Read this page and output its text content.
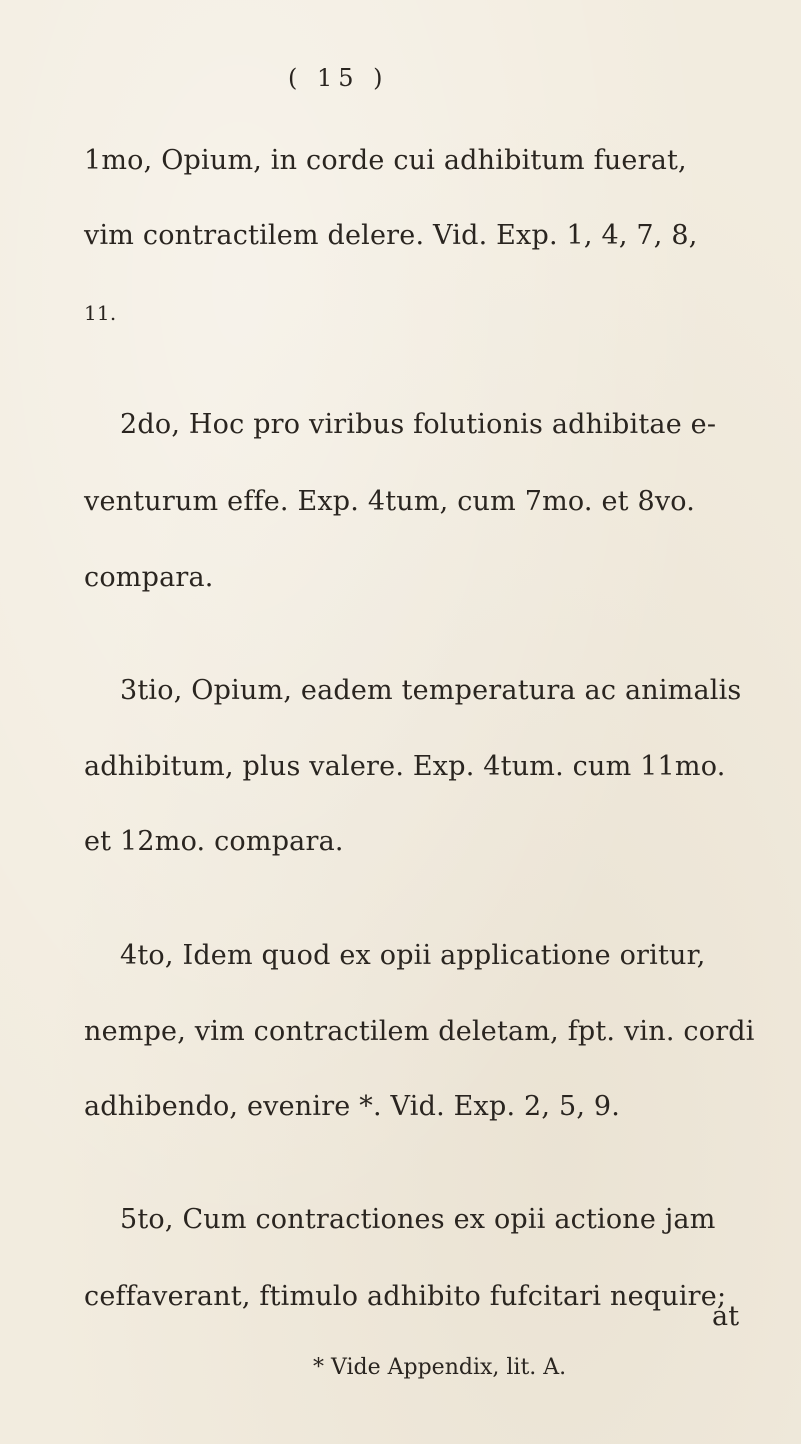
( 15 )
1mo, Opium, in corde cui adhibitum fuerat,
vim contractilem delere. Vid. Exp. 1, 4, 7, 8,
11.
2do, Hoc pro viribus folutionis adhibitae e-
venturum effe. Exp. 4tum, cum 7mo. et 8vo.
compara.
3tio, Opium, eadem temperatura ac animalis
adhibitum, plus valere. Exp. 4tum. cum 11mo.
et 12mo. compara.
4to, Idem quod ex opii applicatione oritur,
nempe, vim contractilem deletam, fpt. vin. cordi
adhibendo, evenire *. Vid. Exp. 2, 5, 9.
5to, Cum contractiones ex opii actione jam
ceffaverant, ftimulo adhibito fufcitari nequire;
at
* Vide Appendix, lit. A.
